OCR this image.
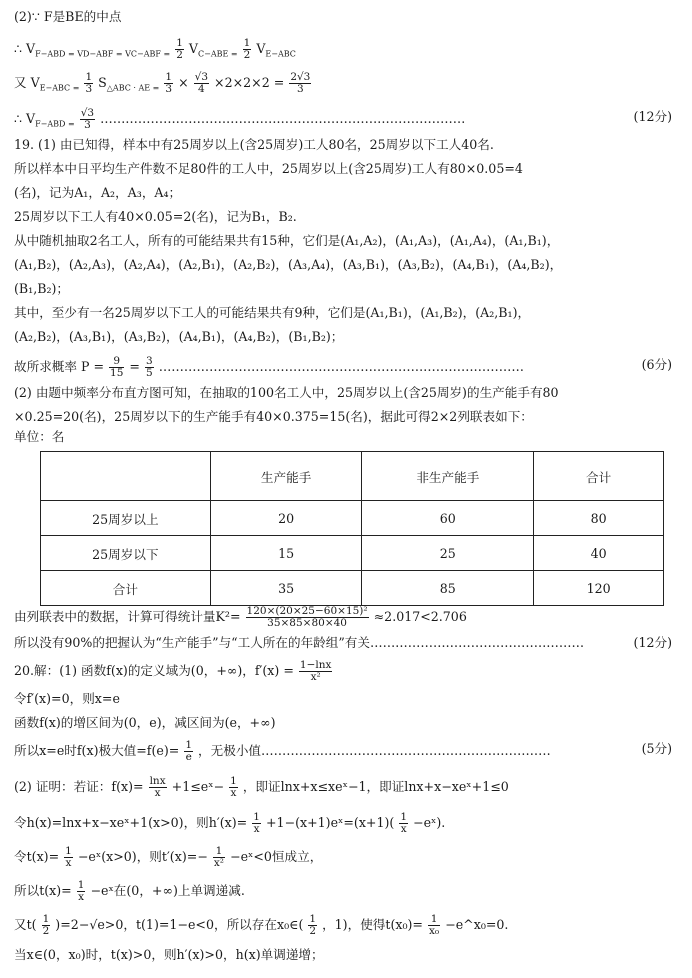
(2)∵ F是BE的中点
∴ $V_{F-ABD = VD-ABF = VC-ABF =} \frac{1}{2} V_{C-ABE =} \frac{1}{2} V_{E-ABC}$
又 $V_{E-ABC =} \frac{1}{3} S_{\triangle ABC \cdot AE =} \frac{1}{3} \times \frac{√3}{4} \times 2\times 2\times 2 = \frac{2√3}{3}$
∴ $V_{F-ABD =} \frac{√3}{3}$ ……………………………………………………………………………	(12分)
19. (1) 由已知得，样本中有25周岁以上(含25周岁)工人80名，25周岁以下工人40名.
所以样本中日平均生产件数不足80件的工人中，25周岁以上(含25周岁)工人有80×0.05=4
(名)，记为A₁，A₂，A₃，A₄；
25周岁以下工人有40×0.05=2(名)，记为B₁，B₂.
从中随机抽取2名工人，所有的可能结果共有15种，它们是(A₁,A₂)，(A₁,A₃)，(A₁,A₄)，(A₁,B₁)，
(A₁,B₂)，(A₂,A₃)，(A₂,A₄)，(A₂,B₁)，(A₂,B₂)，(A₃,A₄)，(A₃,B₁)，(A₃,B₂)，(A₄,B₁)，(A₄,B₂)，
(B₁,B₂)；
其中，至少有一名25周岁以下工人的可能结果共有9种，它们是(A₁,B₁)，(A₁,B₂)，(A₂,B₁)，
(A₂,B₂)，(A₃,B₁)，(A₃,B₂)，(A₄,B₁)，(A₄,B₂)，(B₁,B₂)；
故所求概率 $P = \frac{9}{15} = \frac{3}{5}$ ……………………………………………………………………………	(6分)
(2) 由题中频率分布直方图可知，在抽取的100名工人中，25周岁以上(含25周岁)的生产能手有80
×0.25=20(名)，25周岁以下的生产能手有40×0.375=15(名)，据此可得2×2列联表如下：
单位：名
	生产能手	非生产能手	合计
25周岁以上	20	60	80
25周岁以下	15	25	40
合计	35	85	120
由列联表中的数据，计算可得统计量$K^2= \frac{\text{120×(20×25−60×15)²}}{35\times 85\times 80\times 40} \approx 2.017<2.706$
所以没有90%的把握认为“生产能手”与“工人所在的年龄组”有关……………………………………………	(12分)
20.解：(1) 函数f(x)的定义域为(0，+∞)，$f'(x) = \frac{1-\ln x}{\text{x²}}$
令f′(x)=0，则x=e
函数f(x)的增区间为(0，e)，减区间为(e，+∞)
所以x=e时f(x)极大值$=f(e)= \frac{1}{e}$ ，无极小值……………………………………………………………	(5分)
(2) 证明：若证：$f(x)= \frac{\ln x}{x}$ +1≤eˣ− $\frac{1}{x}$ ，即证lnx+x≤xeˣ−1，即证lnx+x−xeˣ+1≤0
令h(x)=lnx+x−xeˣ+1(x>0)，则$h'(x)= \frac{1}{x}$ +1−(x+1)eˣ=(x+1)( $\frac{1}{x}$ −eˣ).
令$t(x)= \frac{1}{x}$ −eˣ(x>0)，则$t'(x)=- \frac{1}{\text{x²}}$ −eˣ<0恒成立，
所以$t(x)= \frac{1}{x}$ −eˣ在(0，+∞)上单调递减.
又$t( \frac{1}{2} )=2-√e>0$，t(1)=1−e<0，所以存在x₀∈( $\frac{1}{2}$ ，1)，使得$t(x_0)= \frac{1}{\text{x₀}}$ −e^x₀=0.
当x∈(0，x₀)时，t(x)>0，则h′(x)>0，h(x)单调递增；
